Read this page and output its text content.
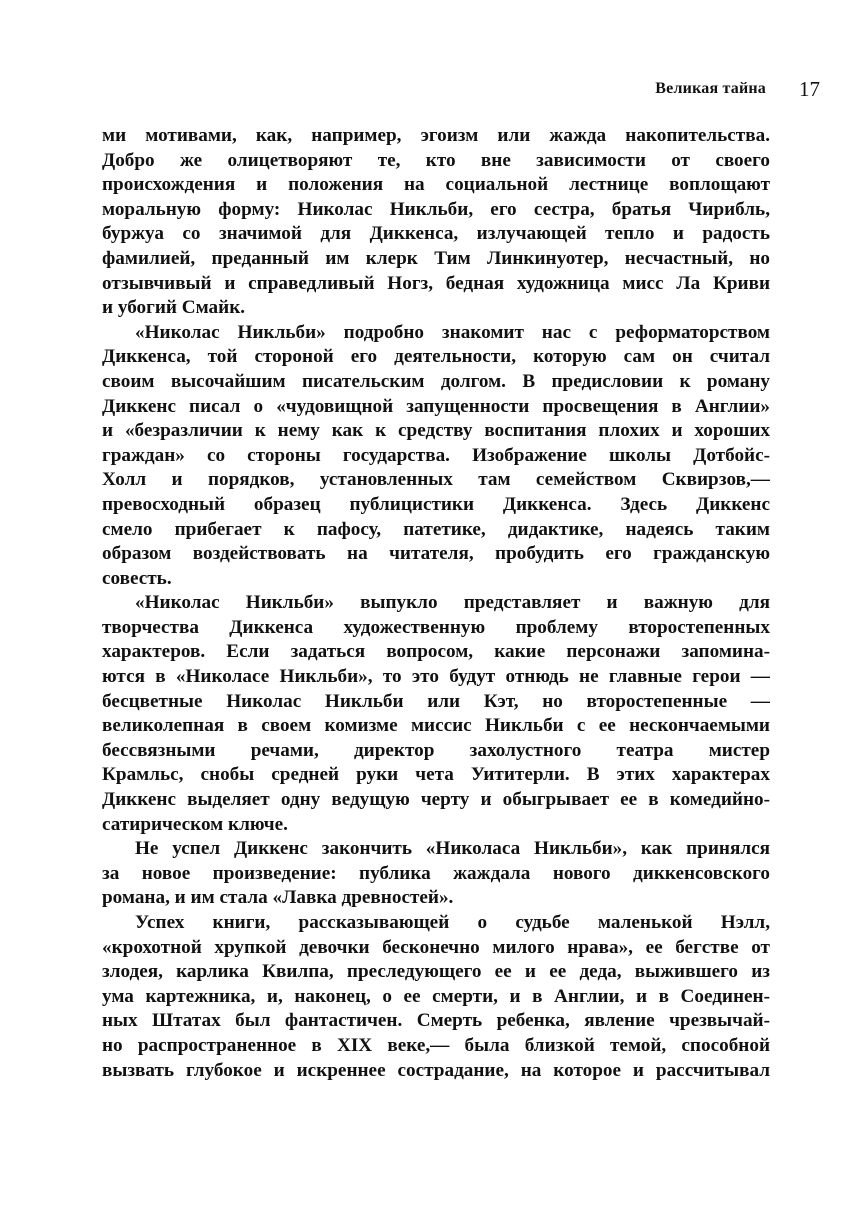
Великая тайна 17
ми мотивами, как, например, эгоизм или жажда накопительства.
Добро же олицетворяют те, кто вне зависимости от своего
происхождения и положения на социальной лестнице воплощают
моральную форму: Николас Никльби, его сестра, братья Чирибль,
буржуа со значимой для Диккенса, излучающей тепло и радость
фамилией, преданный им клерк Тим Линкинуотер, несчастный, но
отзывчивый и справедливый Ногз, бедная художница мисс Ла Криви
и убогий Смайк.
«Николас Никльби» подробно знакомит нас с реформаторством
Диккенса, той стороной его деятельности, которую сам он считал
своим высочайшим писательским долгом. В предисловии к роману
Диккенс писал о «чудовищной запущенности просвещения в Англии»
и «безразличии к нему как к средству воспитания плохих и хороших
граждан» со стороны государства. Изображение школы Дотбойс-
Холл и порядков, установленных там семейством Сквирзов,—
превосходный образец публицистики Диккенса. Здесь Диккенс
смело прибегает к пафосу, патетике, дидактике, надеясь таким
образом воздействовать на читателя, пробудить его гражданскую
совесть.
«Николас Никльби» выпукло представляет и важную для
творчества Диккенса художественную проблему второстепенных
характеров. Если задаться вопросом, какие персонажи запомина-
ются в «Николасе Никльби», то это будут отнюдь не главные герои —
бесцветные Николас Никльби или Кэт, но второстепенные —
великолепная в своем комизме миссис Никльби с ее нескончаемыми
бессвязными речами, директор захолустного театра мистер
Крамльс, снобы средней руки чета Уититерли. В этих характерах
Диккенс выделяет одну ведущую черту и обыгрывает ее в комедийно-
сатирическом ключе.
Не успел Диккенс закончить «Николаса Никльби», как принялся
за новое произведение: публика жаждала нового диккенсовского
романа, и им стала «Лавка древностей».
Успех книги, рассказывающей о судьбе маленькой Нэлл,
«крохотной хрупкой девочки бесконечно милого нрава», ее бегстве от
злодея, карлика Квилпа, преследующего ее и ее деда, выжившего из
ума картежника, и, наконец, о ее смерти, и в Англии, и в Соединен-
ных Штатах был фантастичен. Смерть ребенка, явление чрезвычай-
но распространенное в XIX веке,— была близкой темой, способной
вызвать глубокое и искреннее сострадание, на которое и рассчитывал
